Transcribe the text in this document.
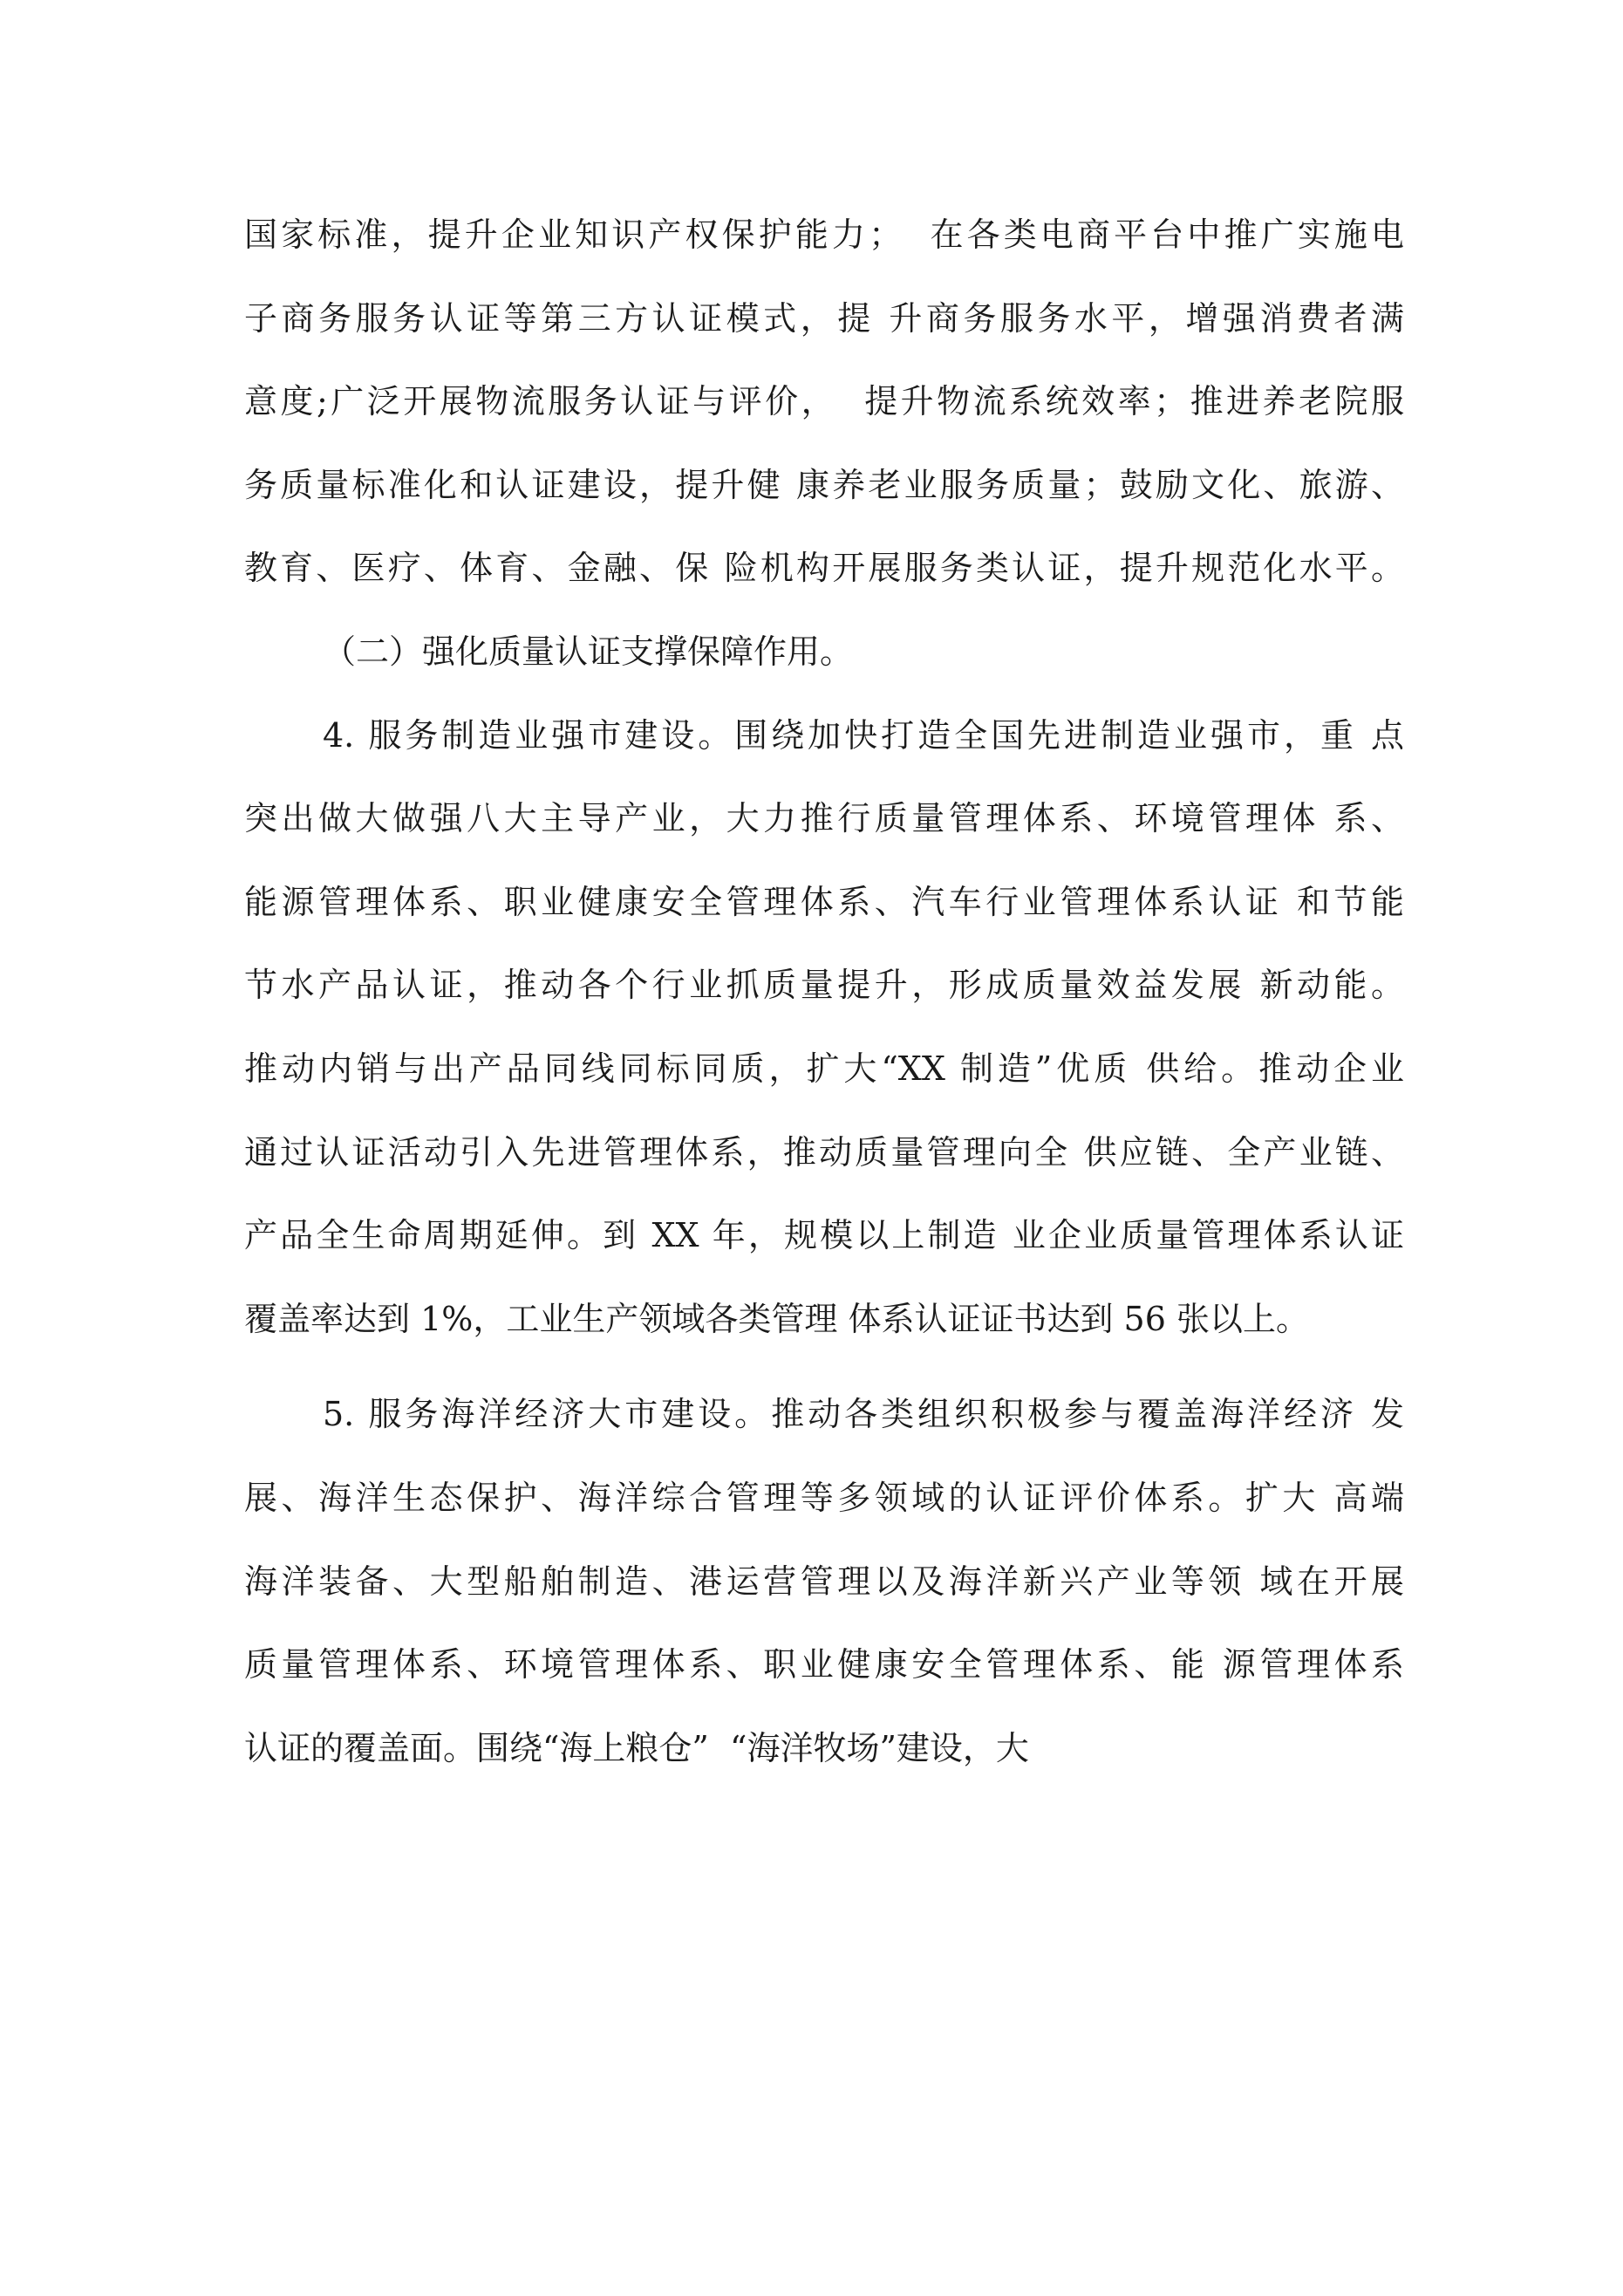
国家标准，提升企业知识产权保护能力；  在各类电商平台中推广实施电
子商务服务认证等第三方认证模式，提 升商务服务水平，增强消费者满
意度;广泛开展物流服务认证与评价，  提升物流系统效率；推进养老院服
务质量标准化和认证建设，提升健 康养老业服务质量；鼓励文化、旅游、
教育、医疗、体育、金融、保 险机构开展服务类认证，提升规范化水平。
（二）强化质量认证支撑保障作用。
4. 服务制造业强市建设。围绕加快打造全国先进制造业强市，重 点
突出做大做强八大主导产业，大力推行质量管理体系、环境管理体 系、
能源管理体系、职业健康安全管理体系、汽车行业管理体系认证 和节能
节水产品认证，推动各个行业抓质量提升，形成质量效益发展 新动能。
推动内销与出产品同线同标同质，扩大“XX 制造”优质 供给。推动企业
通过认证活动引入先进管理体系，推动质量管理向全 供应链、全产业链、
产品全生命周期延伸。到 XX 年，规模以上制造 业企业质量管理体系认证
覆盖率达到 1%，工业生产领域各类管理 体系认证证书达到 56 张以上。
5. 服务海洋经济大市建设。推动各类组织积极参与覆盖海洋经济 发
展、海洋生态保护、海洋综合管理等多领域的认证评价体系。扩大 高端
海洋装备、大型船舶制造、港运营管理以及海洋新兴产业等领 域在开展
质量管理体系、环境管理体系、职业健康安全管理体系、能 源管理体系
认证的覆盖面。围绕“海上粮仓”  “海洋牧场”建设，大
